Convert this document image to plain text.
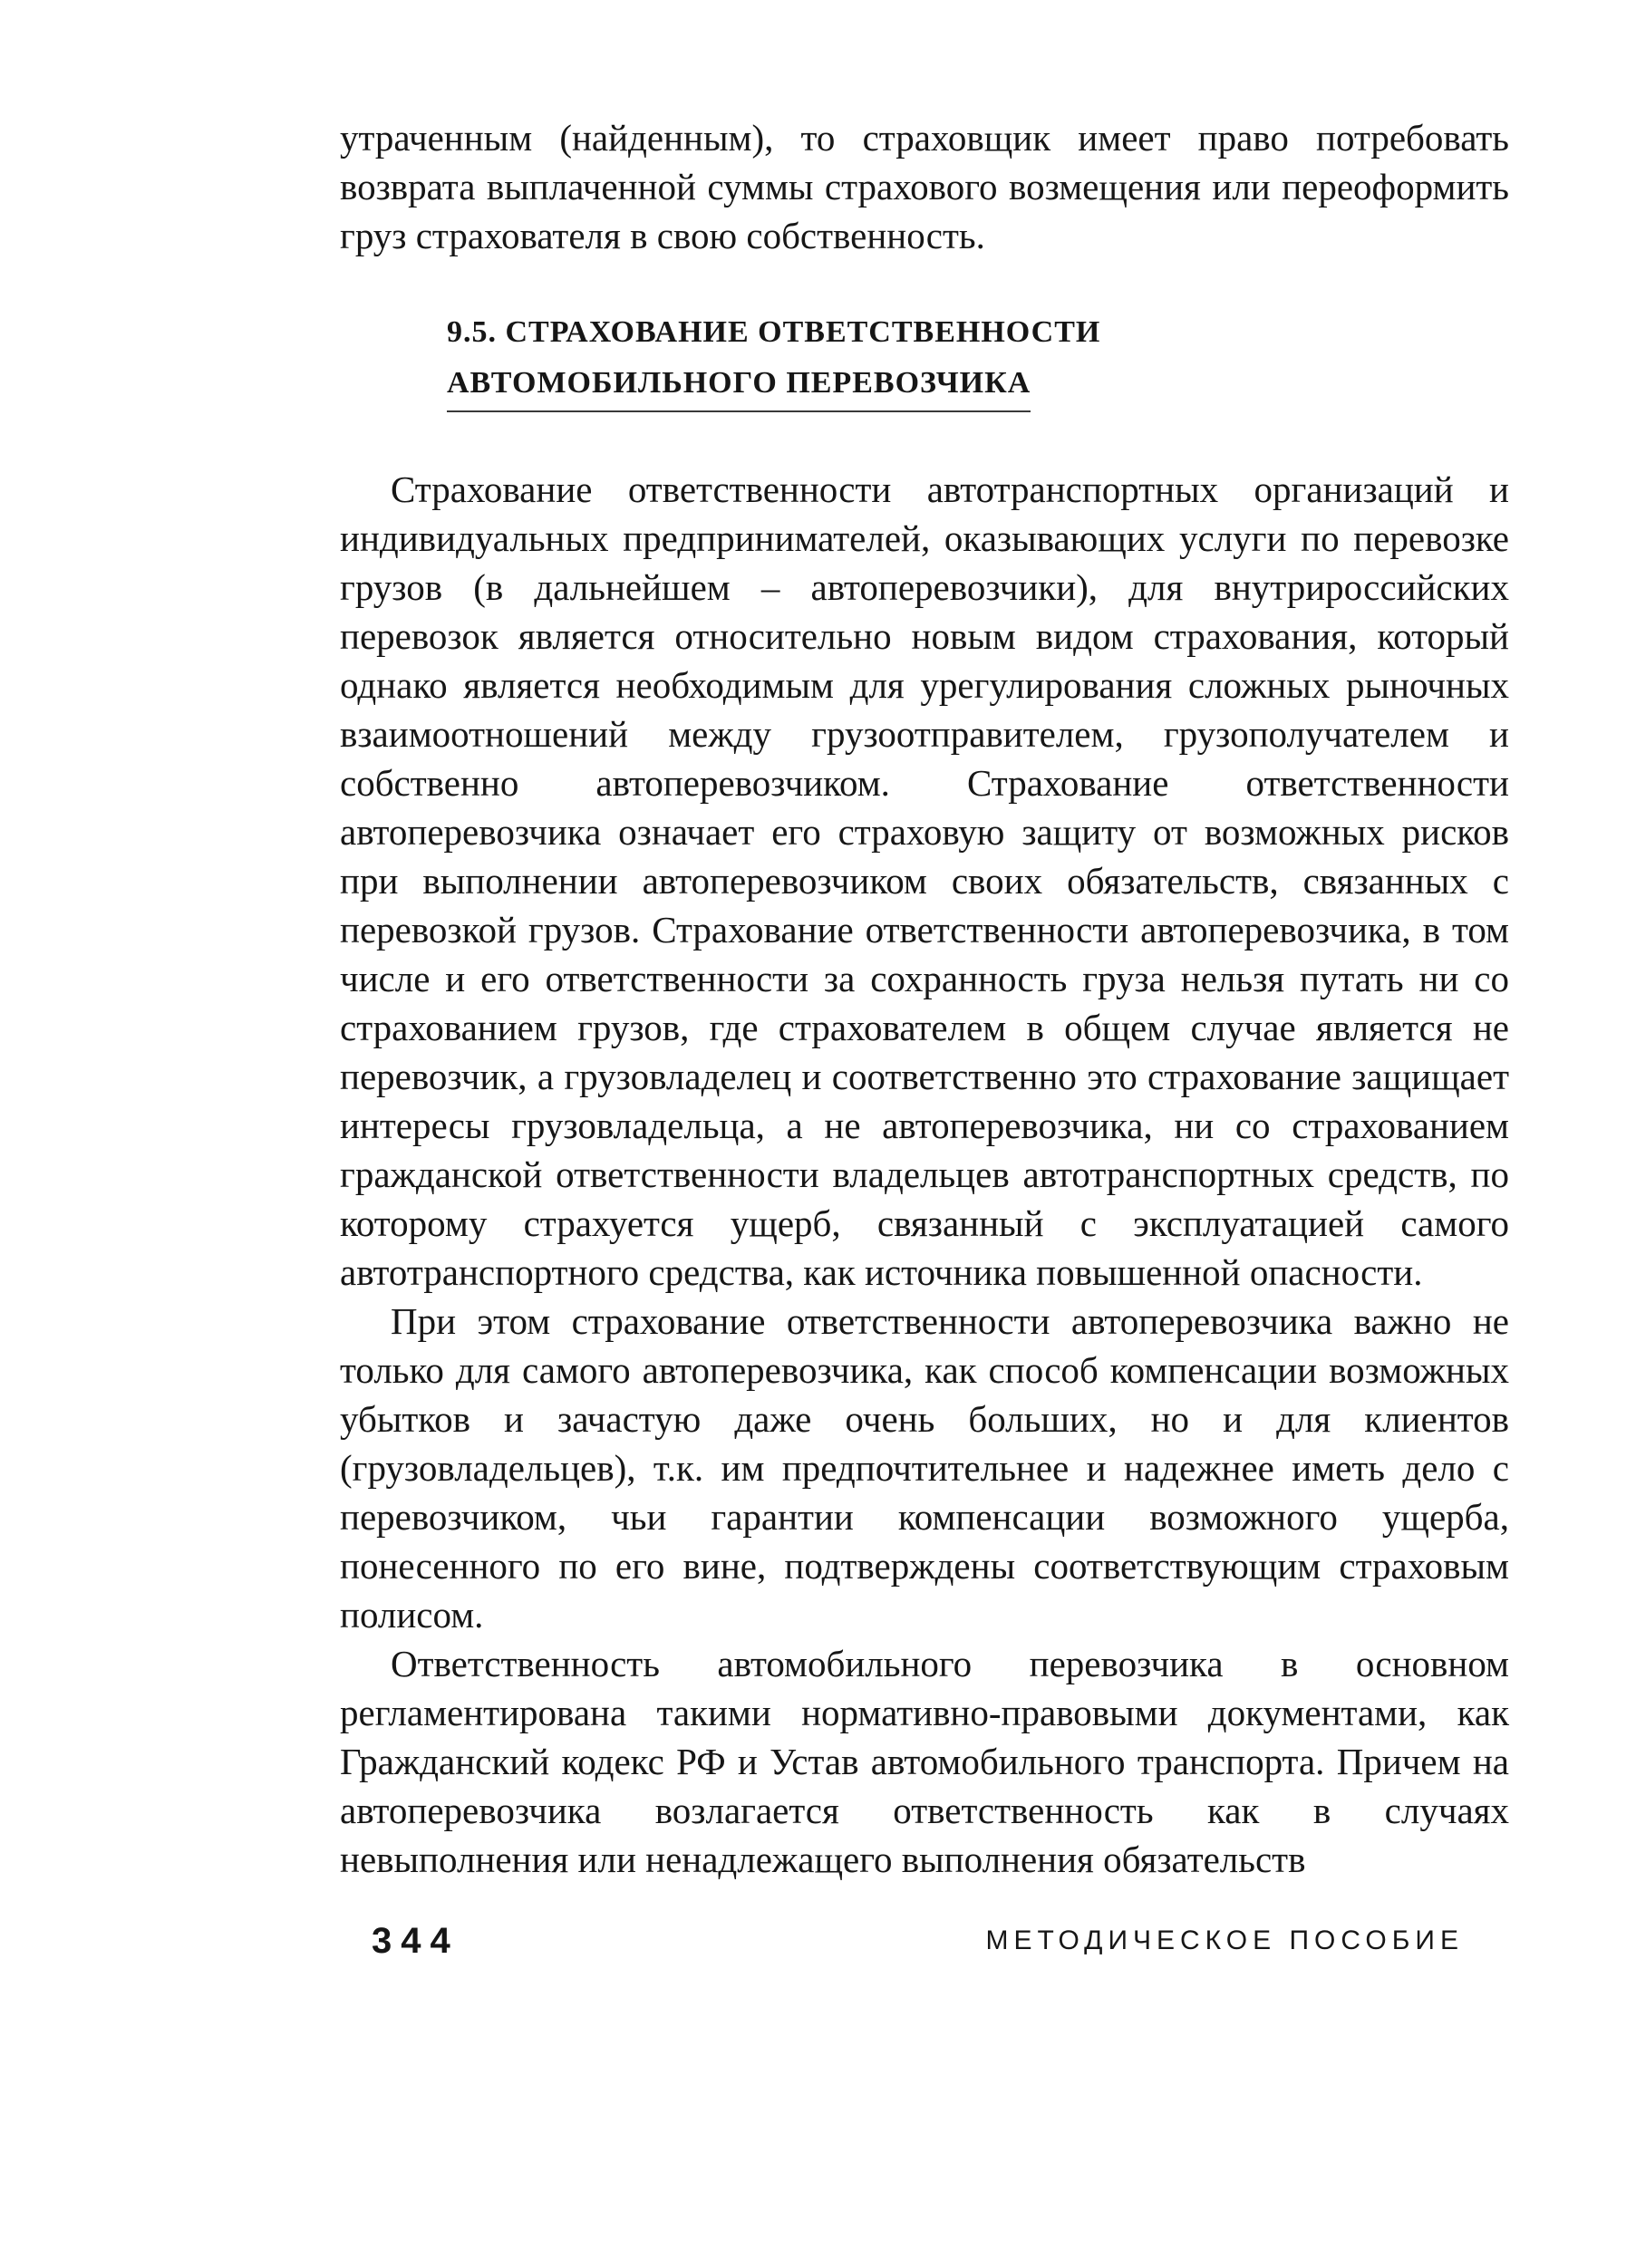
утраченным (найденным), то страховщик имеет право потребовать возврата выплаченной суммы страхового возмещения или переоформить груз страхователя в свою собственность.

9.5. СТРАХОВАНИЕ ОТВЕТСТВЕННОСТИ
АВТОМОБИЛЬНОГО ПЕРЕВОЗЧИКА

Страхование ответственности автотранспортных организаций и индивидуальных предпринимателей, оказывающих услуги по перевозке грузов (в дальнейшем – автоперевозчики), для внутрироссийских перевозок является относительно новым видом страхования, который однако является необходимым для урегулирования сложных рыночных взаимоотношений между грузоотправителем, грузополучателем и собственно автоперевозчиком. Страхование ответственности автоперевозчика означает его страховую защиту от возможных рисков при выполнении автоперевозчиком своих обязательств, связанных с перевозкой грузов. Страхование ответственности автоперевозчика, в том числе и его ответственности за сохранность груза нельзя путать ни со страхованием грузов, где страхователем в общем случае является не перевозчик, а грузовладелец и соответственно это страхование защищает интересы грузовладельца, а не автоперевозчика, ни со страхованием гражданской ответственности владельцев автотранспортных средств, по которому страхуется ущерб, связанный с эксплуатацией самого автотранспортного средства, как источника повышенной опасности.

При этом страхование ответственности автоперевозчика важно не только для самого автоперевозчика, как способ компенсации возможных убытков и зачастую даже очень больших, но и для клиентов (грузовладельцев), т.к. им предпочтительнее и надежнее иметь дело с перевозчиком, чьи гарантии компенсации возможного ущерба, понесенного по его вине, подтверждены соответствующим страховым полисом.

Ответственность автомобильного перевозчика в основном регламентирована такими нормативно-правовыми документами, как Гражданский кодекс РФ и Устав автомобильного транспорта. Причем на автоперевозчика возлагается ответственность как в случаях невыполнения или ненадлежащего выполнения обязательств

344	МЕТОДИЧЕСКОЕ ПОСОБИЕ
